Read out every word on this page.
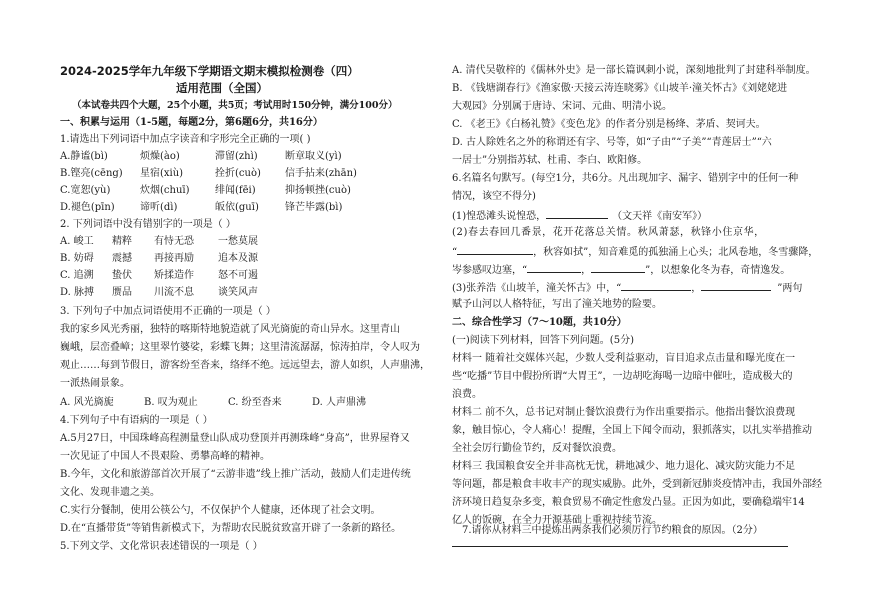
2024-2025学年九年级下学期语文期末模拟检测卷（四）
适用范围（全国）
（本试卷共四个大题，25个小题，共5页；考试用时150分钟，满分100分）
一、积累与运用（1-5题，每题2分，第6题6分，共16分）
1.请选出下列词语中加点字读音和字形完全正确的一项( )
A.静谧(bì)	烦燥(ào)	滞留(zhì)	断章取义(yì)
B.铿亮(cēng) 星宿(xiù)	拴折(cuò) 信手拈来(zhān)
C.宽恕(yù)	炊烟(chuī)	绯闻(fēi)	抑扬顿挫(cuò)
D.褪色(pīn)	谛听(dì)	皈依(guī)	锋芒毕露(bì)
2. 下列词语中没有错别字的一项是（ ）
A. 峻工 精粹 有恃无恐 一愁莫展
B. 妨碍 震撼 再接再励 追本及源
C. 追溯 蛰伏 矫揉造作 怒不可遏
D. 脉搏 赝品 川流不息 谈笑风声
3. 下列句子中加点词语使用不正确的一项是（ ）
我的家乡风光秀丽，独特的喀斯特地貌造就了风光旖旎的奇山异水。这里青山
巍峨，层峦叠嶂；这里翠竹婆娑，彩蝶飞舞；这里清流潺潺，惊涛拍岸，令人叹为
观止……每到节假日，游客纷至沓来，络绎不绝。远远望去，游人如织，人声鼎沸，
一派热闹景象。
A. 风光旖旎	B. 叹为观止	C. 纷至沓来	D. 人声鼎沸
4.下列句子中有语病的一项是（ ）
A.5月27日，中国珠峰高程测量登山队成功登顶并再测珠峰“身高”，世界屋脊又
一次见证了中国人不畏艰险、勇攀高峰的精神。
B.今年，文化和旅游部首次开展了“云游非遗”线上推广活动，鼓励人们走进传统
文化、发现非遗之美。
C.实行分餐制，使用公筷公勺，不仅保护个人健康，还体现了社会文明。
D.在“直播带货”等销售新模式下，为帮助农民脱贫致富开辟了一条新的路径。
5.下列文学、文化常识表述错误的一项是（ ）
A. 清代吴敬梓的《儒林外史》是一部长篇讽刺小说，深刻地批判了封建科举制度。
B. 《钱塘湖春行》《渔家傲·天接云涛连晓雾》《山坡羊·潼关怀古》《刘姥姥进
大观园》分别属于唐诗、宋词、元曲、明清小说。
C. 《老王》《白杨礼赞》《变色龙》的作者分别是杨绛、茅盾、契诃夫。
D. 古人除姓名之外的称谓还有字、号等，如“子由”“子美”“青莲居士”“六
一居士”分别指苏轼、杜甫、李白、欧阳修。
6.名篇名句默写。(每空1分，共6分。凡出现加字、漏字、错别字中的任何一种
情况，该空不得分)
(1)惶恐滩头说惶恐，	（文天祥《南安军》）
(2)春去春回几番景，花开花落总关情。秋风萧瑟，秋锋小住京华，
“	，秋容如拭”，知音难觅的孤独涌上心头；北风卷地，冬雪骤降，
岑参感叹边塞，“	，	”，以想象化冬为春，奇情逸发。
(3)张养浩《山坡羊，潼关怀古》中，“	，	”两句
赋予山河以人格特征，写出了潼关地势的险要。
二、综合性学习（7～10题，共10分）
(一)阅读下列材料，回答下列问题。(5分)
材料一 随着社交媒体兴起，少数人受利益驱动，盲目追求点击量和曝光度在一
些“吃播”节目中假扮所谓“大胃王”，一边胡吃海喝一边暗中催吐，造成极大的
浪费。
材料二 前不久，总书记对制止餐饮浪费行为作出重要指示。他指出餐饮浪费现
象，触目惊心，令人痛心！提醒，全国上下闻令而动，狠抓落实，以扎实举措推动
全社会厉行勤俭节约，反对餐饮浪费。
材料三 我国粮食安全并非高枕无忧，耕地减少、地力退化、减灾防灾能力不足
等问题，都是粮食丰收丰产的现实威胁。此外，受到新冠肺炎疫情冲击，我国外部经
济环境日趋复杂多变，粮食贸易不确定性愈发凸显。正因为如此，要确稳端牢14
亿人的饭碗，在全力开源基础上重视持续节流。
7.请你从材料三中提炼出两条我们必须厉行节约粮食的原因。（2分）
